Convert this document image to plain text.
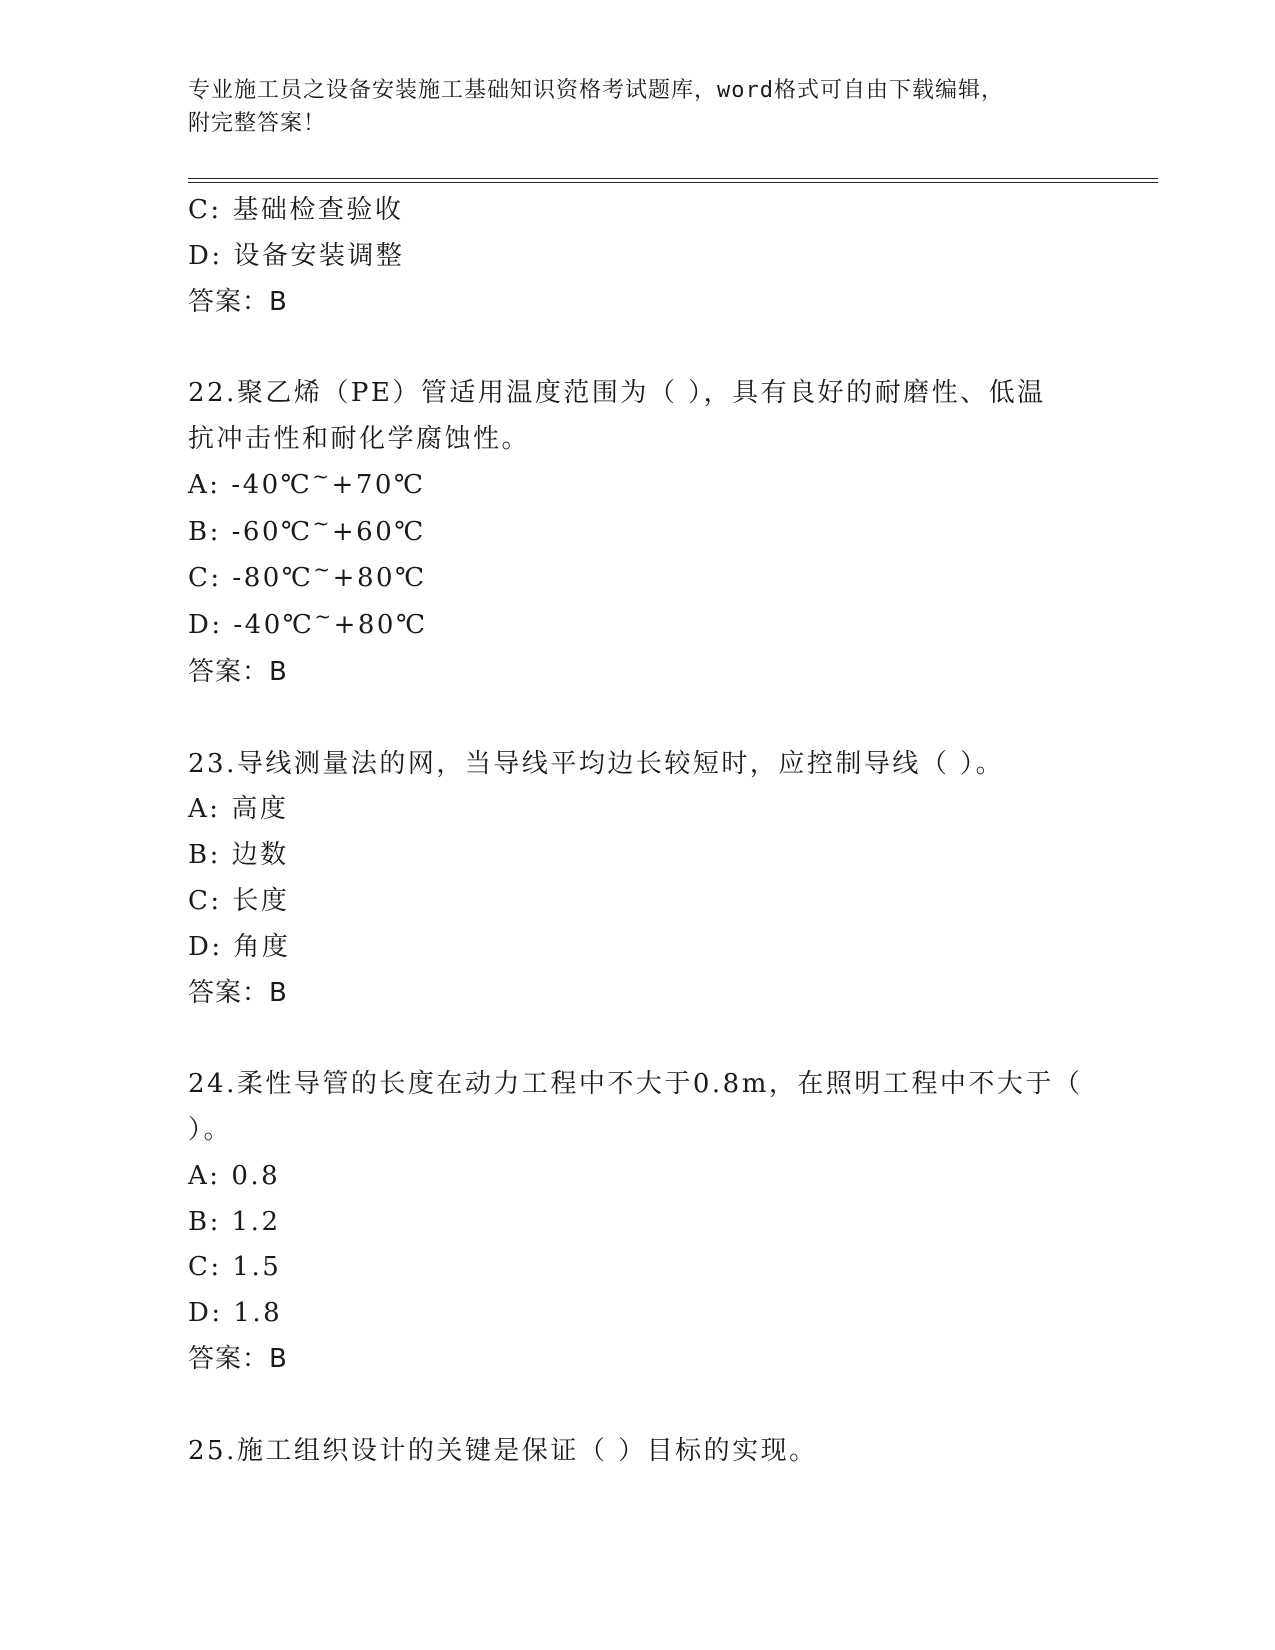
专业施工员之设备安装施工基础知识资格考试题库，word格式可自由下载编辑，
附完整答案！
C: 基础检查验收
D: 设备安装调整
答案：B
22.聚乙烯（PE）管适用温度范围为（ ），具有良好的耐磨性、低温
抗冲击性和耐化学腐蚀性。
A: -40℃~+70℃
B: -60℃~+60℃
C: -80℃~+80℃
D: -40℃~+80℃
答案：B
23.导线测量法的网，当导线平均边长较短时，应控制导线（ ）。
A: 高度
B: 边数
C: 长度
D: 角度
答案：B
24.柔性导管的长度在动力工程中不大于0.8m，在照明工程中不大于（
）。
A: 0.8
B: 1.2
C: 1.5
D: 1.8
答案：B
25.施工组织设计的关键是保证（ ）目标的实现。
